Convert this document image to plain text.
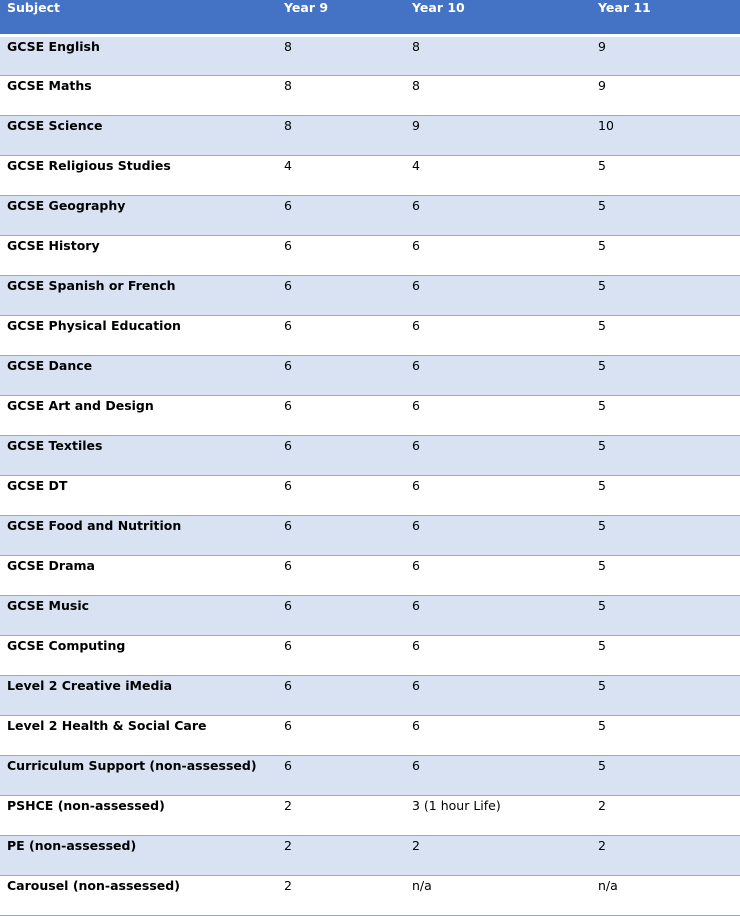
Subject	Year 9	Year 10	Year 11
GCSE English	8	8	9
GCSE Maths	8	8	9
GCSE Science	8	9	10
GCSE Religious Studies	4	4	5
GCSE Geography	6	6	5
GCSE History	6	6	5
GCSE Spanish or French	6	6	5
GCSE Physical Education	6	6	5
GCSE Dance	6	6	5
GCSE Art and Design	6	6	5
GCSE Textiles	6	6	5
GCSE DT	6	6	5
GCSE Food and Nutrition	6	6	5
GCSE Drama	6	6	5
GCSE Music	6	6	5
GCSE Computing	6	6	5
Level 2 Creative iMedia	6	6	5
Level 2 Health & Social Care	6	6	5
Curriculum Support (non-assessed)	6	6	5
PSHCE (non-assessed)	2	3 (1 hour Life)	2
PE (non-assessed)	2	2	2
Carousel (non-assessed)	2	n/a	n/a
